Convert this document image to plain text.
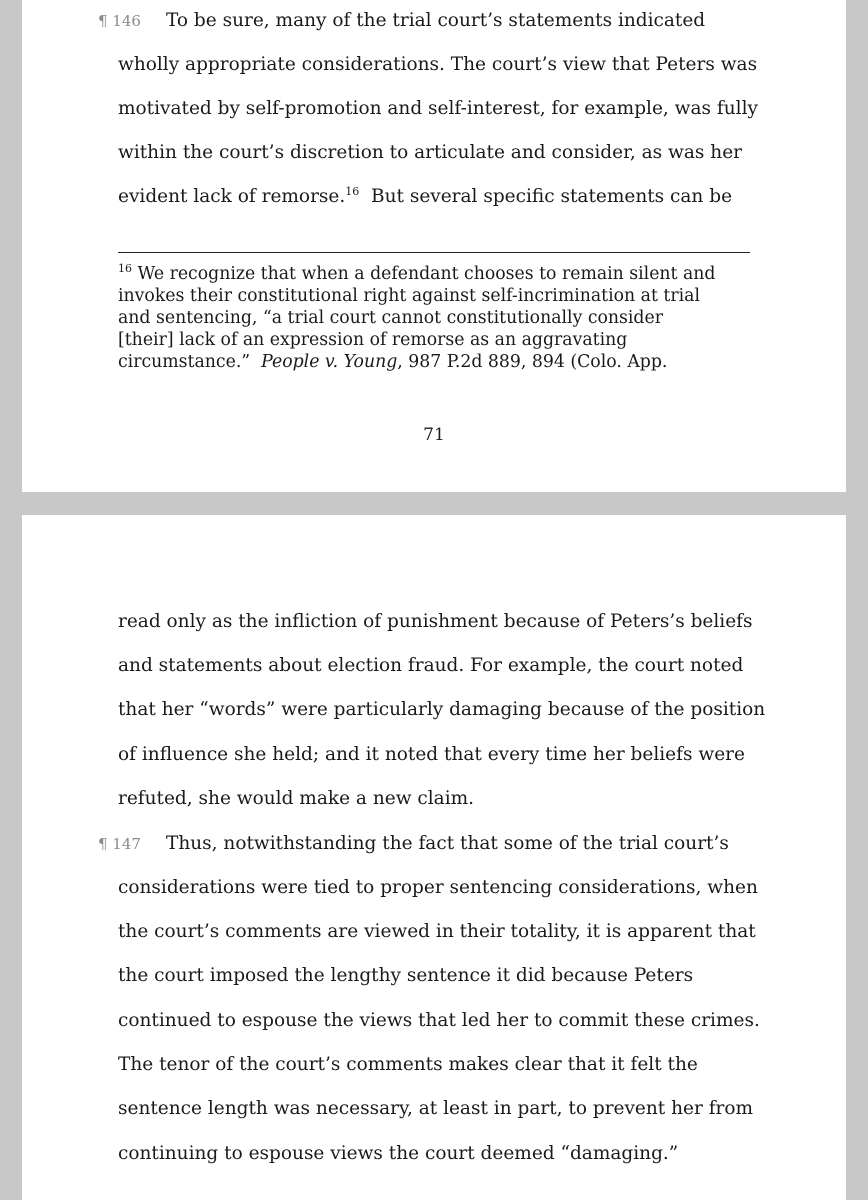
¶ 146 To be sure, many of the trial court’s statements indicated
wholly appropriate considerations. The court’s view that Peters was
motivated by self-promotion and self-interest, for example, was fully
within the court’s discretion to articulate and consider, as was her
evident lack of remorse.$^{16}$  But several specific statements can be
$^{16}$ We recognize that when a defendant chooses to remain silent and
invokes their constitutional right against self-incrimination at trial
and sentencing, “a trial court cannot constitutionally consider
[their] lack of an expression of remorse as an aggravating
circumstance.”  People v. Young, 987 P.2d 889, 894 (Colo. App.
71
read only as the infliction of punishment because of Peters’s beliefs
and statements about election fraud. For example, the court noted
that her “words” were particularly damaging because of the position
of influence she held; and it noted that every time her beliefs were
refuted, she would make a new claim.
¶ 147 Thus, notwithstanding the fact that some of the trial court’s
considerations were tied to proper sentencing considerations, when
the court’s comments are viewed in their totality, it is apparent that
the court imposed the lengthy sentence it did because Peters
continued to espouse the views that led her to commit these crimes.
The tenor of the court’s comments makes clear that it felt the
sentence length was necessary, at least in part, to prevent her from
continuing to espouse views the court deemed “damaging.”
